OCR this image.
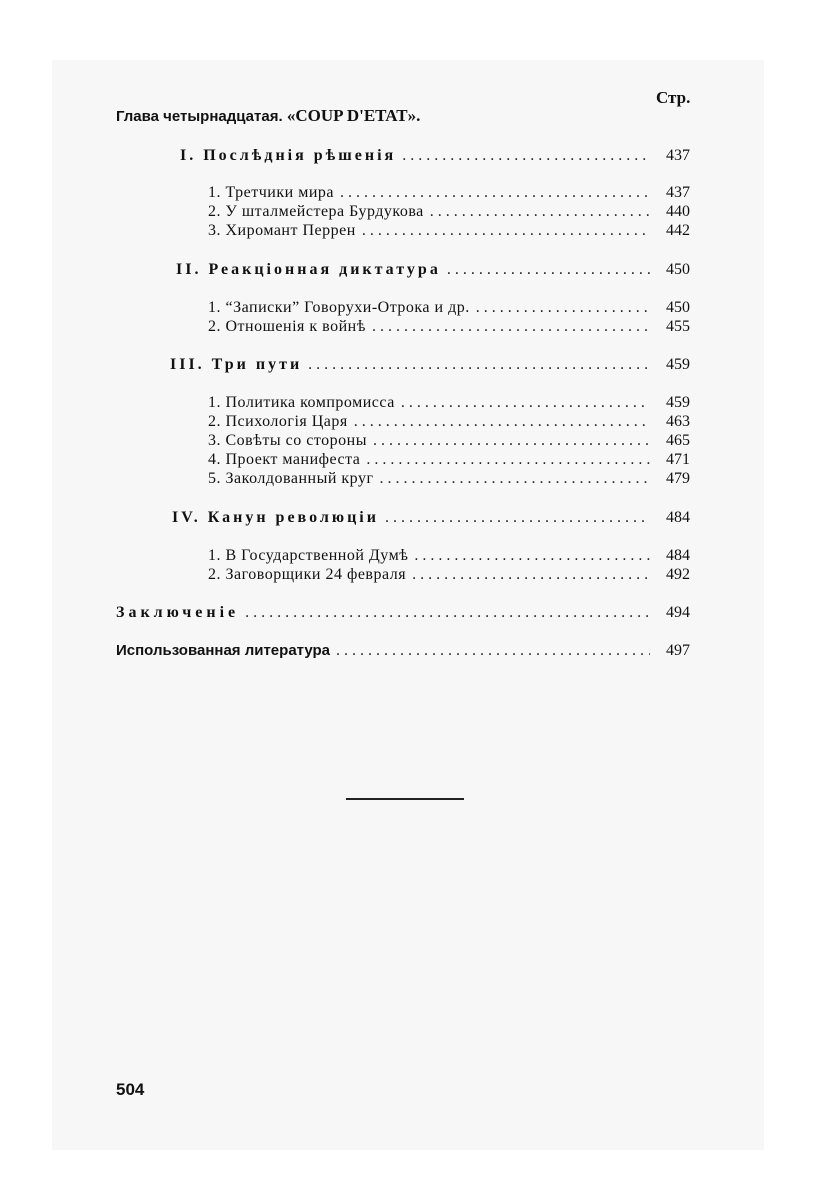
Стр.
Глава четырнадцатая. «COUP D'ETAT».
I. Послѣднія рѣшенія . . .	437
1. Третчики мира . . .	437
2. У шталмейстера Бурдукова . . .	440
3. Хиромант Перрен . . .	442
II. Реакціонная диктатура . . .	450
1. “Записки” Говорухи-Отрока и др. . . .	450
2. Отношенія к войнѣ . . .	455
III. Три пути . . .	459
1. Политика компромисса . . .	459
2. Психологія Царя . . .	463
3. Совѣты со стороны . . .	465
4. Проект манифеста . . .	471
5. Заколдованный круг . . .	479
IV. Канун революціи . . .	484
1. В Государственной Думѣ . . .	484
2. Заговорщики 24 февраля . . .	492
Заключеніе . . .	494
Использованная литература . . .	497
504
